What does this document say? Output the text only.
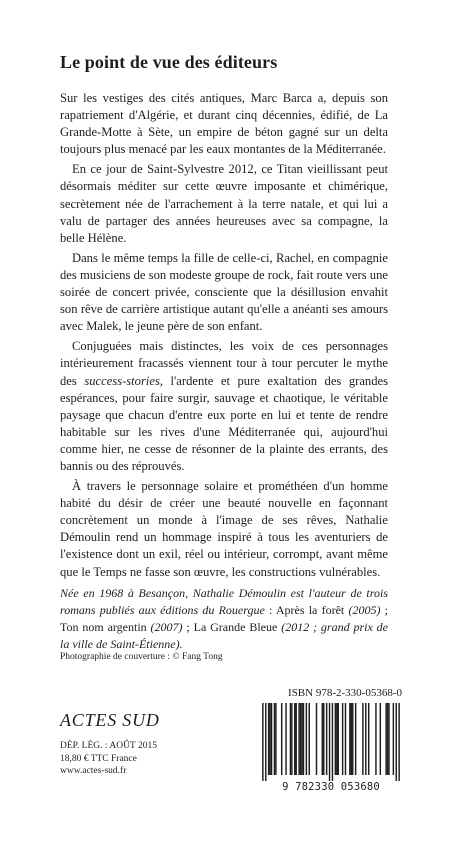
Le point de vue des éditeurs

Sur les vestiges des cités antiques, Marc Barca a, depuis son rapatriement d'Algérie, et durant cinq décennies, édifié, de La Grande-Motte à Sète, un empire de béton gagné sur un delta toujours plus menacé par les eaux montantes de la Méditerranée.

En ce jour de Saint-Sylvestre 2012, ce Titan vieillissant peut désormais méditer sur cette œuvre imposante et chimérique, secrètement née de l'arrachement à la terre natale, et qui lui a valu de partager des années heureuses avec sa compagne, la belle Hélène.

Dans le même temps la fille de celle-ci, Rachel, en compagnie des musiciens de son modeste groupe de rock, fait route vers une soirée de concert privée, consciente que la désillusion envahit son rêve de carrière artistique autant qu'elle a anéanti ses amours avec Malek, le jeune père de son enfant.

Conjuguées mais distinctes, les voix de ces personnages intérieurement fracassés viennent tour à tour percuter le mythe des success-stories, l'ardente et pure exaltation des grandes espérances, pour faire surgir, sauvage et chaotique, le véritable paysage que chacun d'entre eux porte en lui et tente de rendre habitable sur les rives d'une Méditerranée qui, aujourd'hui comme hier, ne cesse de résonner de la plainte des errants, des bannis ou des réprouvés.

À travers le personnage solaire et prométhéen d'un homme habité du désir de créer une beauté nouvelle en façonnant concrètement un monde à l'image de ses rêves, Nathalie Démoulin rend un hommage inspiré à tous les aventuriers de l'existence dont un exil, réel ou intérieur, corrompt, avant même que le Temps ne fasse son œuvre, les constructions vulnérables.

Née en 1968 à Besançon, Nathalie Démoulin est l'auteur de trois romans publiés aux éditions du Rouergue : Après la forêt (2005) ; Ton nom argentin (2007) ; La Grande Bleue (2012 ; grand prix de la ville de Saint-Étienne).

Photographie de couverture : © Fang Tong
ISBN 978-2-330-05368-0
ACTES SUD
DÉP. LÉG. : AOÛT 2015
18,80 € TTC France
www.actes-sud.fr
9 782330 053680
